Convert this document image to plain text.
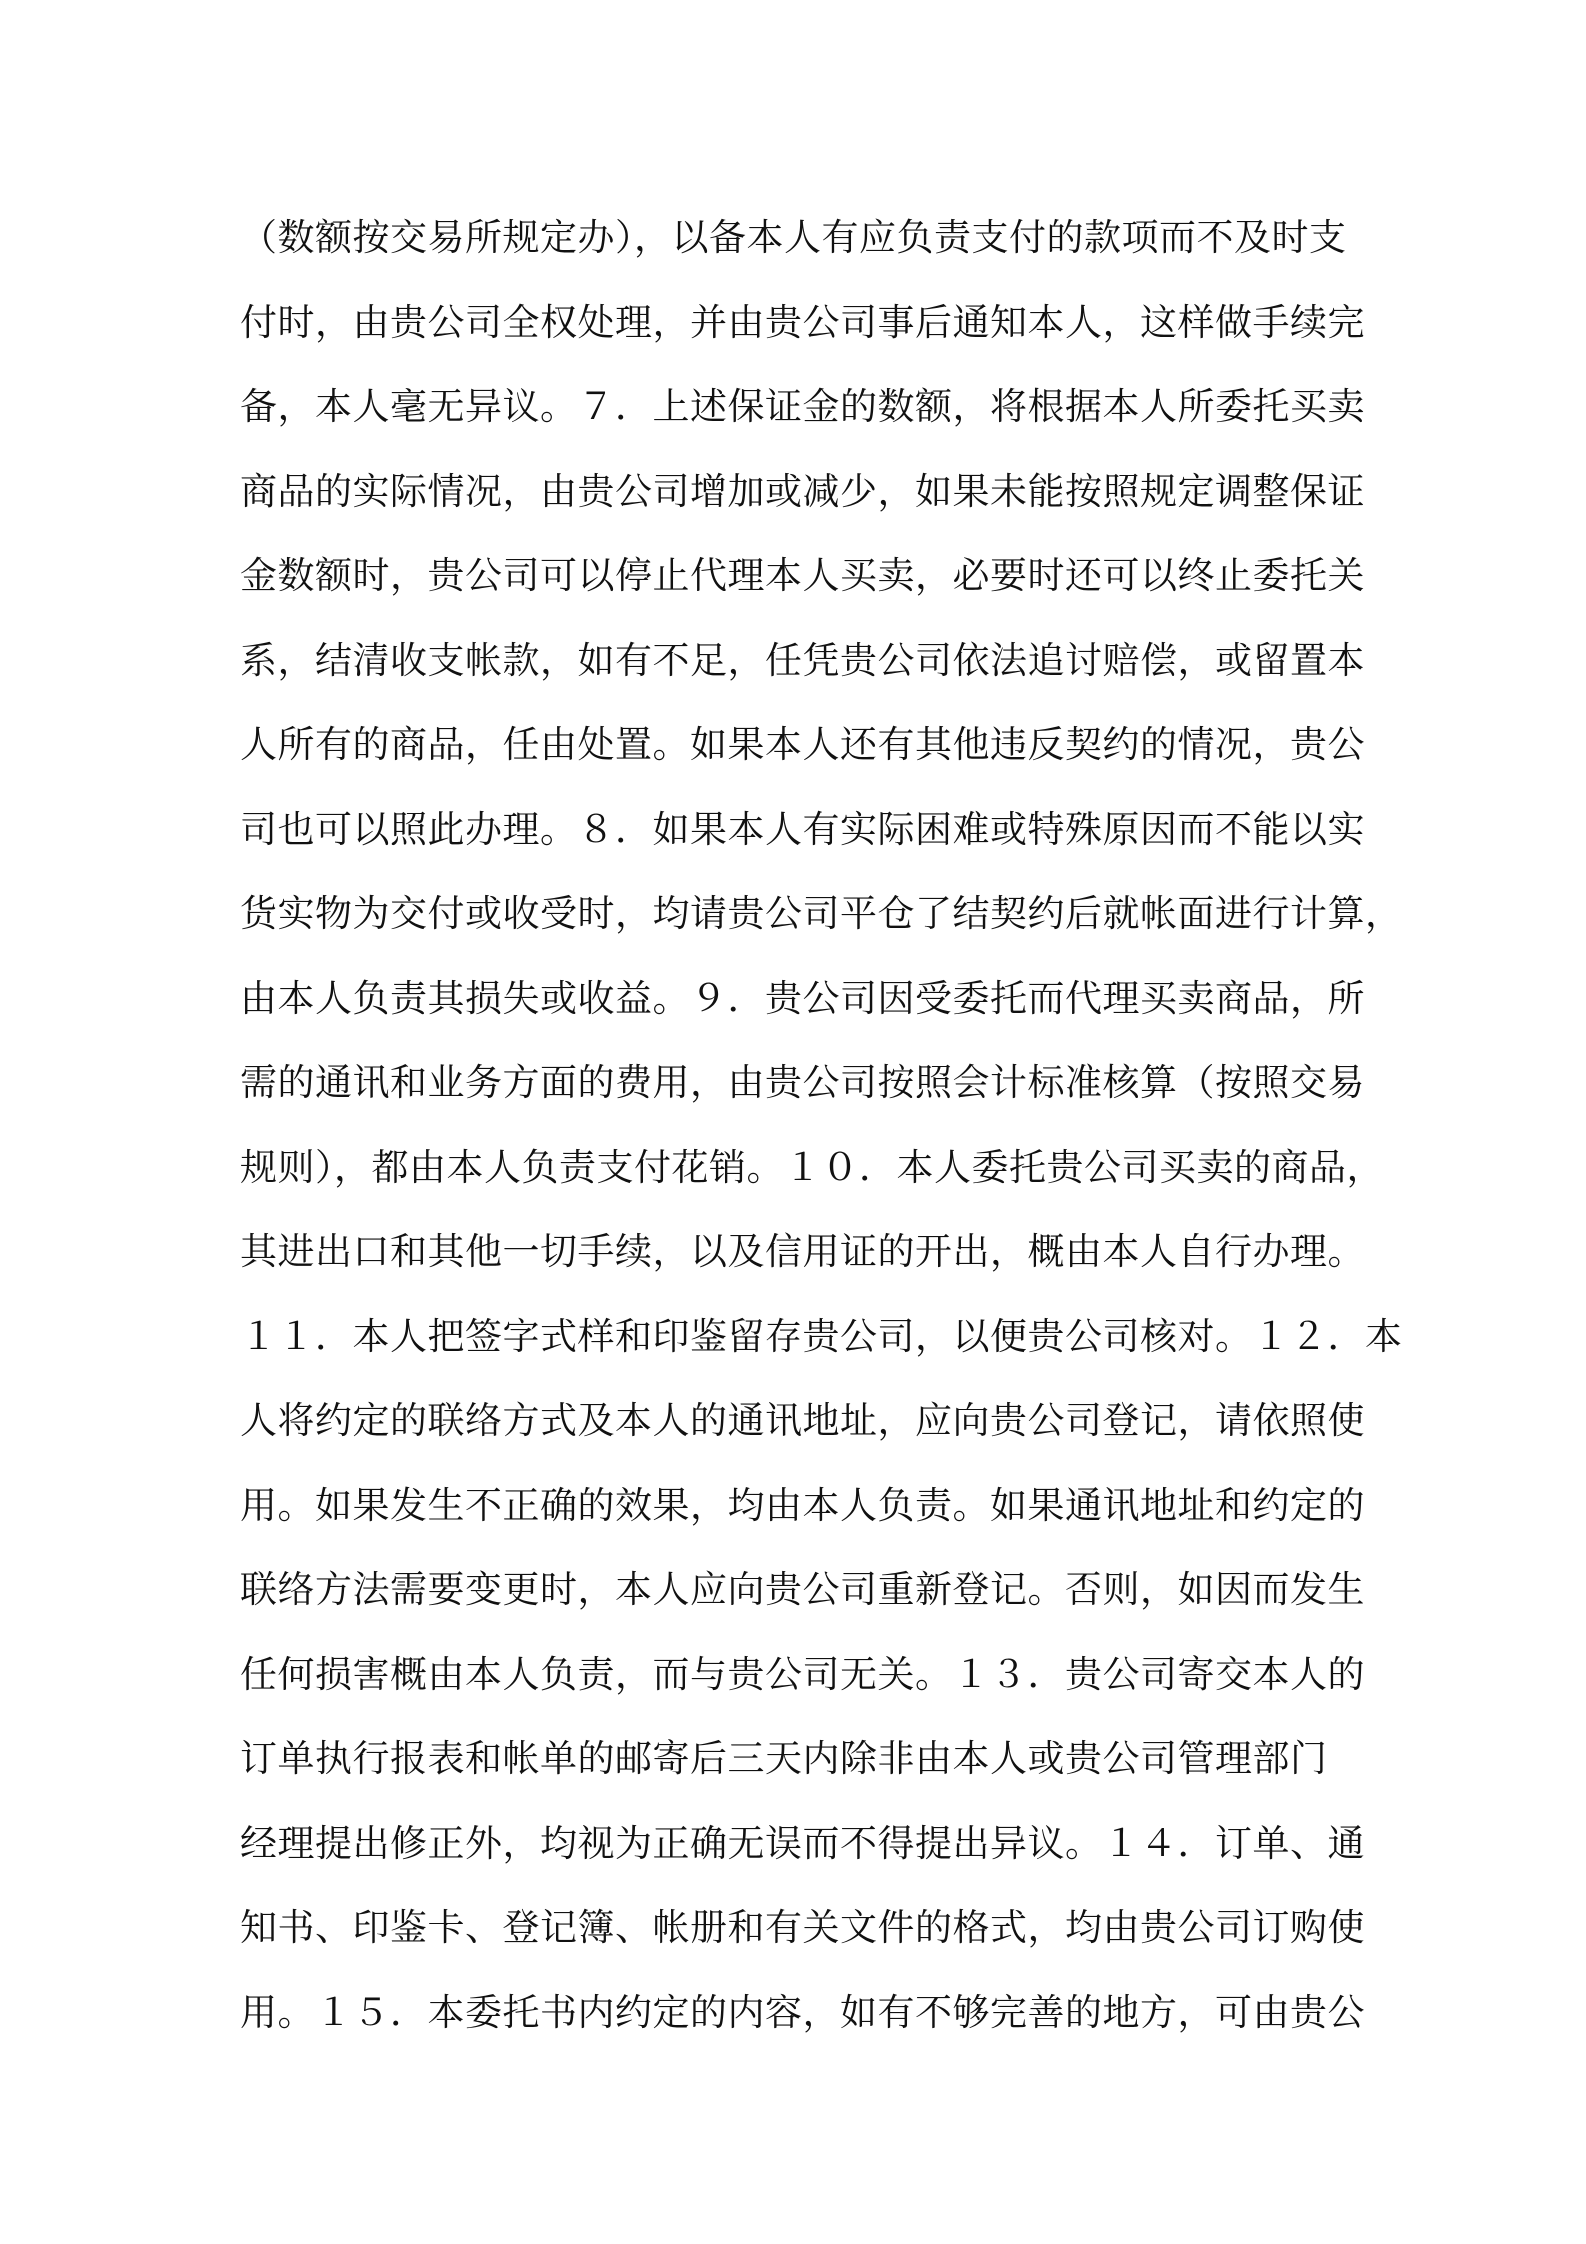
（数额按交易所规定办），以备本人有应负责支付的款项而不及时支
付时，由贵公司全权处理，并由贵公司事后通知本人，这样做手续完
备，本人毫无异议。７．上述保证金的数额，将根据本人所委托买卖
商品的实际情况，由贵公司增加或减少，如果未能按照规定调整保证
金数额时，贵公司可以停止代理本人买卖，必要时还可以终止委托关
系，结清收支帐款，如有不足，任凭贵公司依法追讨赔偿，或留置本
人所有的商品，任由处置。如果本人还有其他违反契约的情况，贵公
司也可以照此办理。８．如果本人有实际困难或特殊原因而不能以实
货实物为交付或收受时，均请贵公司平仓了结契约后就帐面进行计算，
由本人负责其损失或收益。９．贵公司因受委托而代理买卖商品，所
需的通讯和业务方面的费用，由贵公司按照会计标准核算（按照交易
规则），都由本人负责支付花销。１０．本人委托贵公司买卖的商品，
其进出口和其他一切手续，以及信用证的开出，概由本人自行办理。
１１．本人把签字式样和印鉴留存贵公司，以便贵公司核对。１２．本
人将约定的联络方式及本人的通讯地址，应向贵公司登记，请依照使
用。如果发生不正确的效果，均由本人负责。如果通讯地址和约定的
联络方法需要变更时，本人应向贵公司重新登记。否则，如因而发生
任何损害概由本人负责，而与贵公司无关。１３．贵公司寄交本人的
订单执行报表和帐单的邮寄后三天内除非由本人或贵公司管理部门
经理提出修正外，均视为正确无误而不得提出异议。１４．订单、通
知书、印鉴卡、登记簿、帐册和有关文件的格式，均由贵公司订购使
用。１５．本委托书内约定的内容，如有不够完善的地方，可由贵公
